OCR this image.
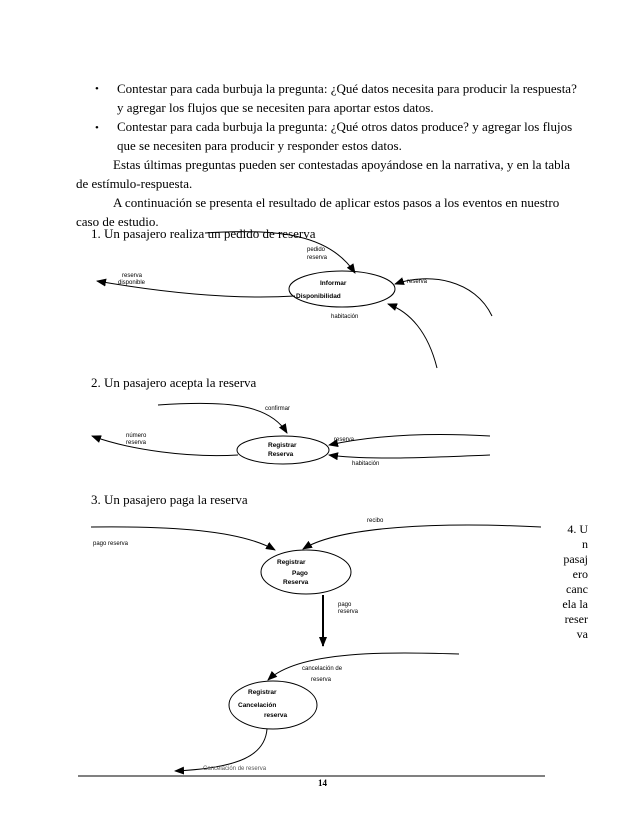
• Contestar para cada burbuja la pregunta: ¿Qué datos necesita para producir la respuesta?
y agregar los flujos que se necesiten para aportar estos datos.
• Contestar para cada burbuja la pregunta: ¿Qué otros datos produce? y agregar los flujos
que se necesiten para producir y responder estos datos.
Estas últimas preguntas pueden ser contestadas apoyándose en la narrativa, y en la tabla
de estímulo-respuesta.
A continuación se presenta el resultado de aplicar estos pasos a los eventos en nuestro
caso de estudio.
1. Un pasajero realiza un pedido de reserva
2. Un pasajero acepta la reserva
3. Un pasajero paga la reserva
4. U
n
pasaj
ero
canc
ela la
reser
va
Informar
Disponibilidad
pedido
reserva
reserva
disponible	reserva
habitación
Registrar
Reserva
confirmar
número
reserva	reserva
habitación
Registrar
Pago
Reserva
recibo
pago reserva
pago
reserva
Registrar
Cancelación
reserva
cancelación de
reserva
Cancelación de reserva
14
